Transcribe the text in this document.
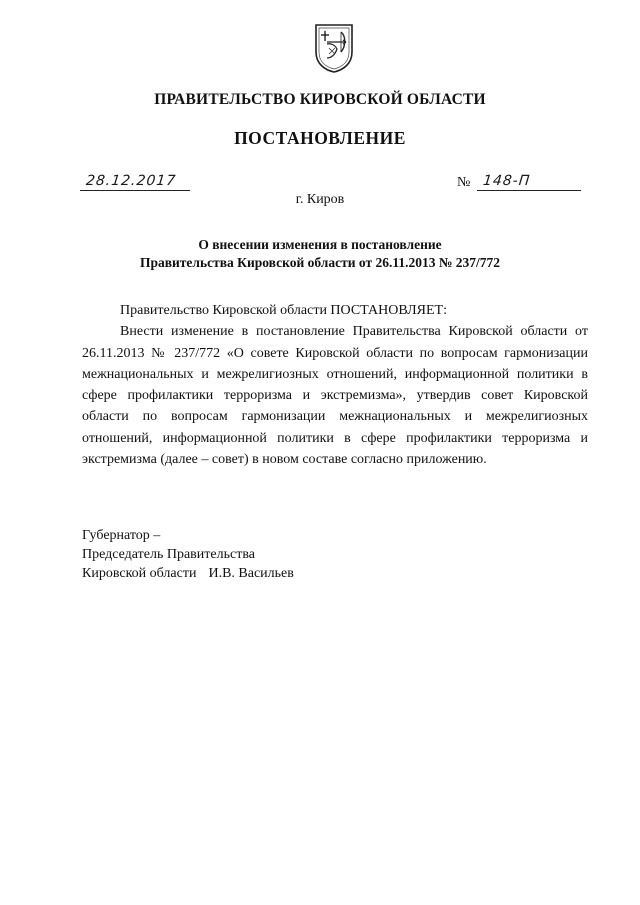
ПРАВИТЕЛЬСТВО КИРОВСКОЙ ОБЛАСТИ
ПОСТАНОВЛЕНИЕ
28.12.2017	№ 148-П
г. Киров
О внесении изменения в постановление
Правительства Кировской области от 26.11.2013 № 237/772

Правительство Кировской области ПОСТАНОВЛЯЕТ:

Внести изменение в постановление Правительства Кировской области от 26.11.2013 № 237/772 «О совете Кировской области по вопросам гармонизации межнациональных и межрелигиозных отношений, информационной политики в сфере профилактики терроризма и экстремизма», утвердив совет Кировской области по вопросам гармонизации межнациональных и межрелигиозных отношений, информационной политики в сфере профилактики терроризма и экстремизма (далее – совет) в новом составе согласно приложению.

Губернатор –
Председатель Правительства
Кировской области И.В. Васильев
